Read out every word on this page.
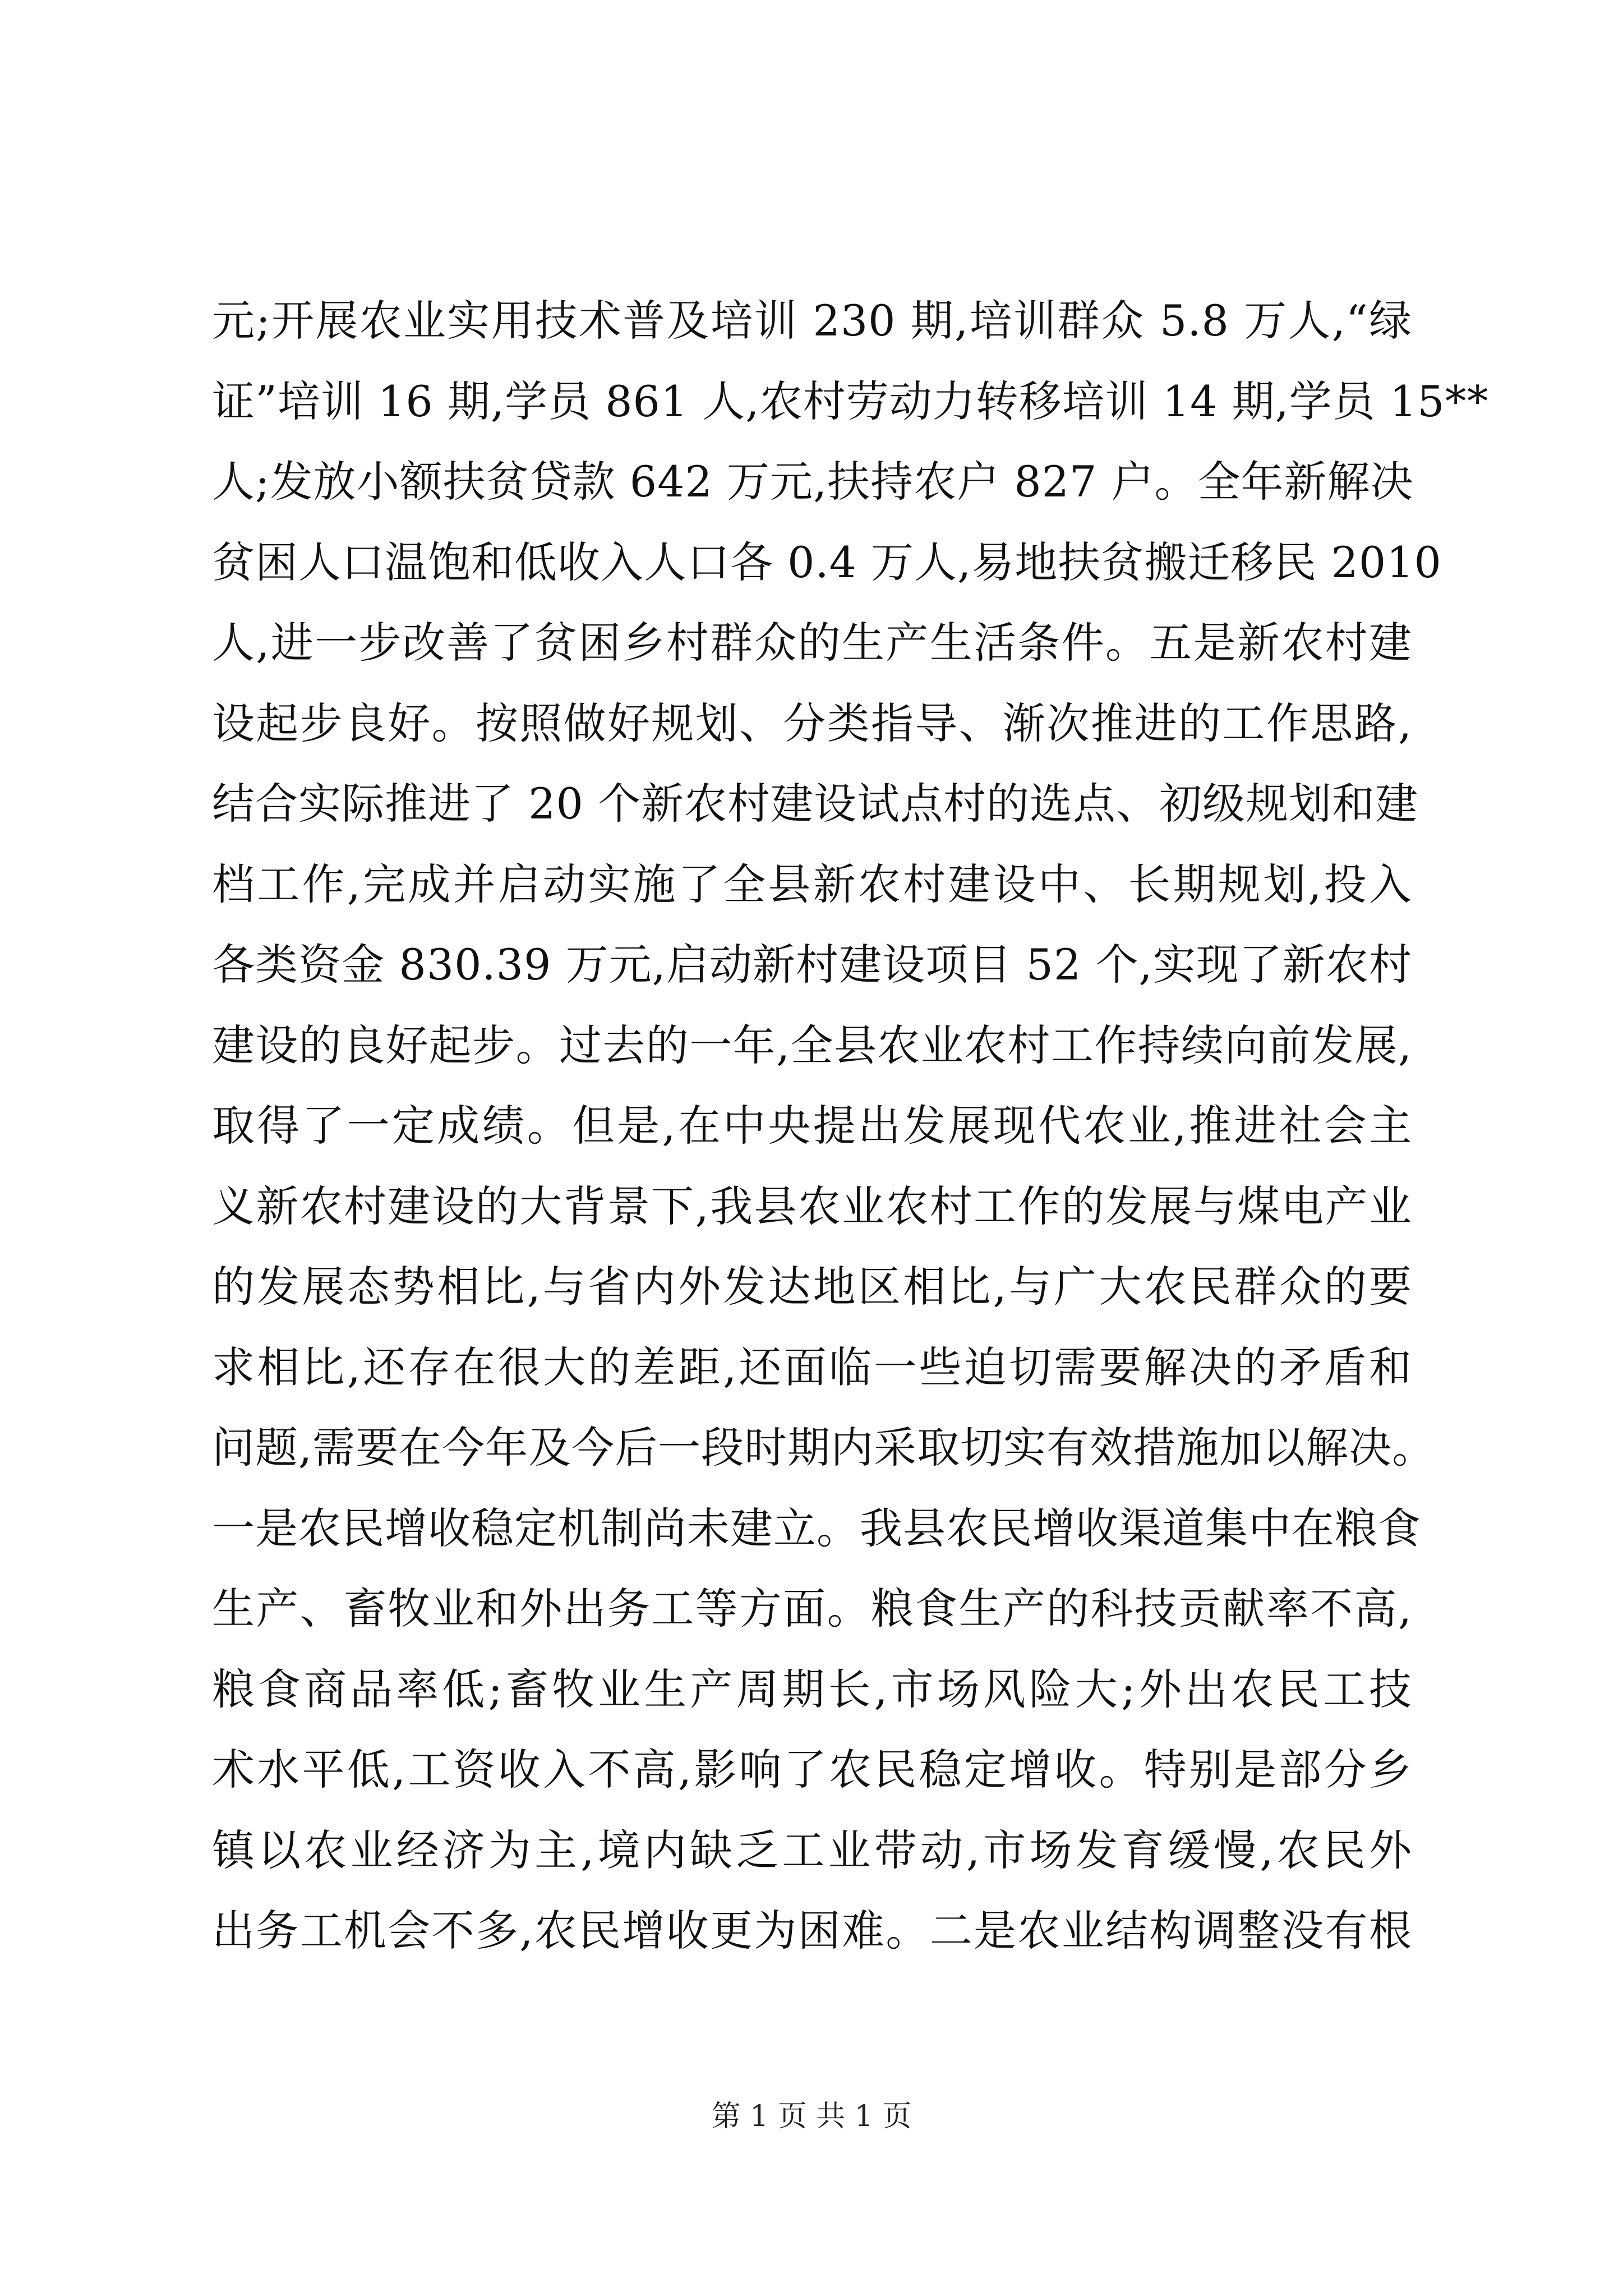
元;开展农业实用技术普及培训 230 期,培训群众 5.8 万人,“绿
证”培训 16 期,学员 861 人,农村劳动力转移培训 14 期,学员 15**
人;发放小额扶贫贷款 642 万元,扶持农户 827 户。全年新解决
贫困人口温饱和低收入人口各 0.4 万人,易地扶贫搬迁移民 2010
人,进一步改善了贫困乡村群众的生产生活条件。五是新农村建
设起步良好。按照做好规划、分类指导、渐次推进的工作思路,
结合实际推进了 20 个新农村建设试点村的选点、初级规划和建
档工作,完成并启动实施了全县新农村建设中、长期规划,投入
各类资金 830.39 万元,启动新村建设项目 52 个,实现了新农村
建设的良好起步。过去的一年,全县农业农村工作持续向前发展,
取得了一定成绩。但是,在中央提出发展现代农业,推进社会主
义新农村建设的大背景下,我县农业农村工作的发展与煤电产业
的发展态势相比,与省内外发达地区相比,与广大农民群众的要
求相比,还存在很大的差距,还面临一些迫切需要解决的矛盾和
问题,需要在今年及今后一段时期内采取切实有效措施加以解决。
一是农民增收稳定机制尚未建立。我县农民增收渠道集中在粮食
生产、畜牧业和外出务工等方面。粮食生产的科技贡献率不高,
粮食商品率低;畜牧业生产周期长,市场风险大;外出农民工技
术水平低,工资收入不高,影响了农民稳定增收。特别是部分乡
镇以农业经济为主,境内缺乏工业带动,市场发育缓慢,农民外
出务工机会不多,农民增收更为困难。二是农业结构调整没有根
第 1 页 共 1 页
